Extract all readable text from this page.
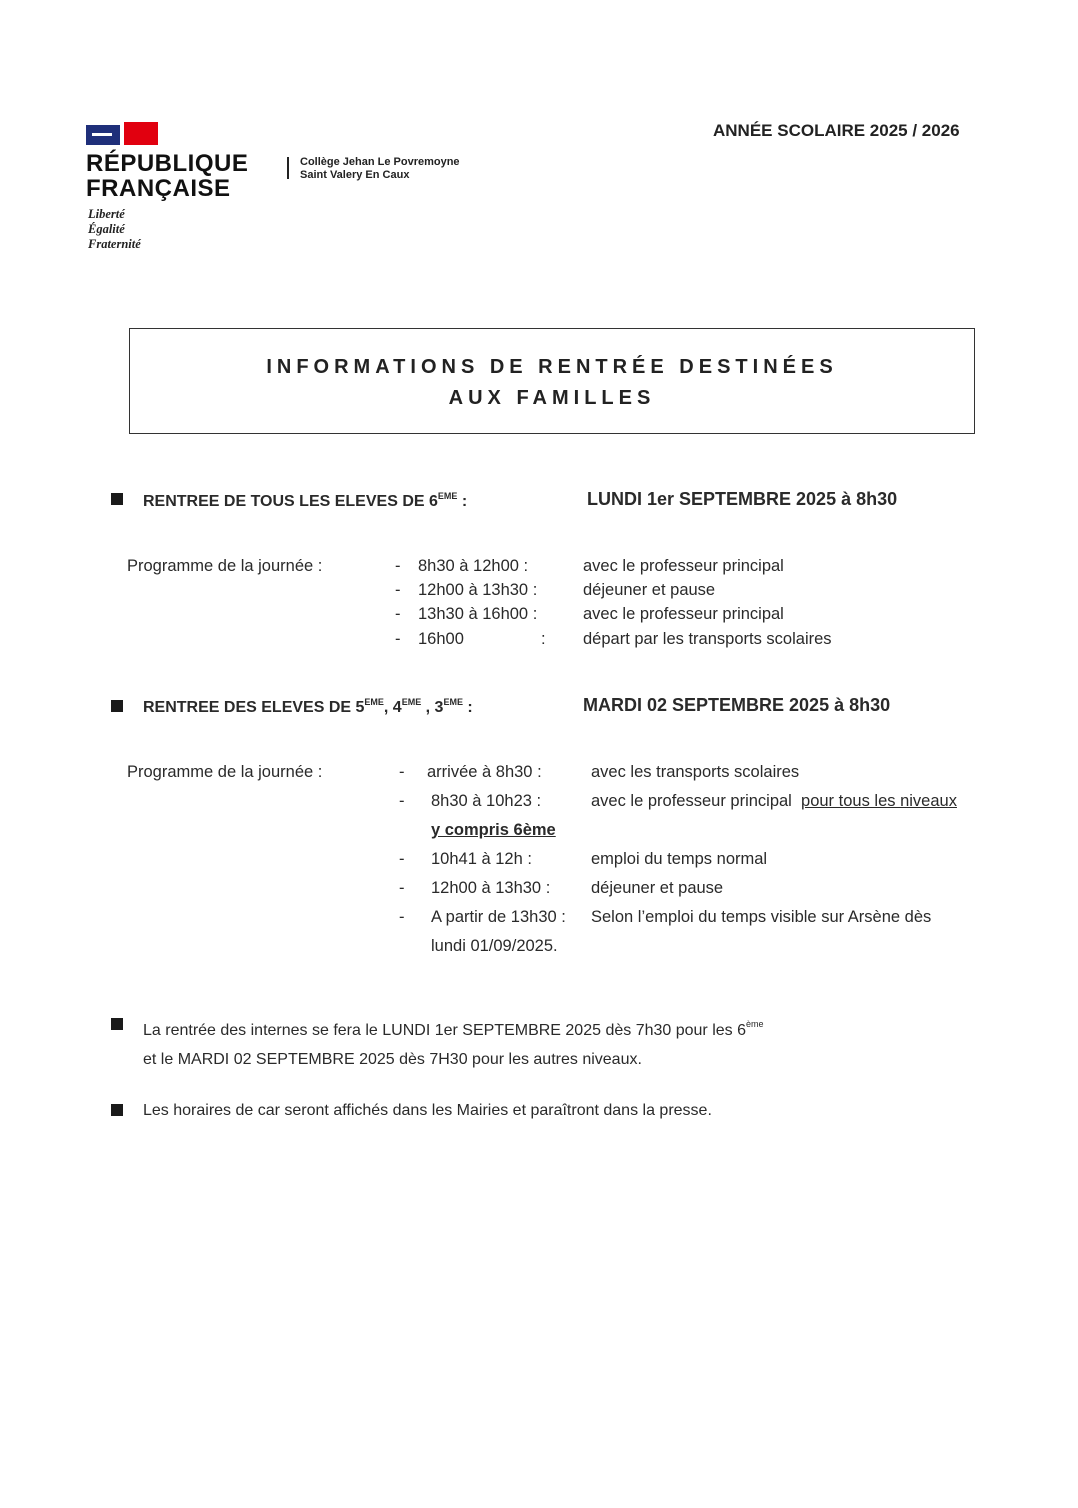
RÉPUBLIQUE
FRANÇAISE
Liberté
Égalité
Fraternité
Collège Jehan Le Povremoyne
Saint Valery En Caux
ANNÉE SCOLAIRE 2025 / 2026
INFORMATIONS DE RENTRÉE DESTINÉES
AUX FAMILLES
RENTREE DE TOUS LES ELEVES DE 6EME :	LUNDI 1er SEPTEMBRE 2025 à 8h30
Programme de la journée :	- 8h30 à 12h00 :	avec le professeur principal
- 12h00 à 13h30 :	déjeuner et pause
- 13h30 à 16h00 :	avec le professeur principal
- 16h00	: départ par les transports scolaires
RENTREE DES ELEVES DE 5EME, 4EME , 3EME :	MARDI 02 SEPTEMBRE 2025 à 8h30
Programme de la journée :	- arrivée à 8h30 :	avec les transports scolaires
- 8h30 à 10h23 :	avec le professeur principal pour tous les niveaux
y compris 6ème
- 10h41 à 12h :	emploi du temps normal
- 12h00 à 13h30 : déjeuner et pause
- A partir de 13h30 : Selon l’emploi du temps visible sur Arsène dès
lundi 01/09/2025.
La rentrée des internes se fera le LUNDI 1er SEPTEMBRE 2025 dès 7h30 pour les 6ème
et le MARDI 02 SEPTEMBRE 2025 dès 7H30 pour les autres niveaux.
Les horaires de car seront affichés dans les Mairies et paraîtront dans la presse.
